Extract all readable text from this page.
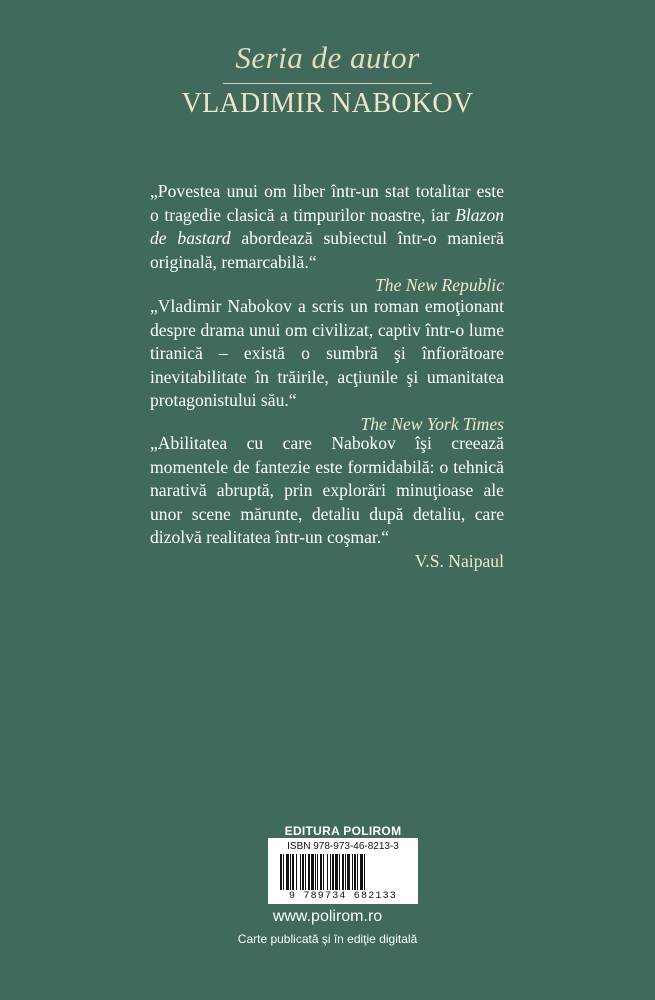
Seria de autor
VLADIMIR NABOKOV
„Povestea unui om liber într-un stat totalitar este o tragedie clasică a timpurilor noastre, iar Blazon de bastard abordează subiectul într-o manieră originală, remarcabilă.“
The New Republic
„Vladimir Nabokov a scris un roman emoţionant despre drama unui om civilizat, captiv într-o lume tiranică – există o sumbră şi înfiorătoare inevitabilitate în trăirile, acţiunile şi umanitatea protagonistului său.“
The New York Times
„Abilitatea cu care Nabokov îşi creează momentele de fantezie este formidabilă: o tehnică narativă abruptă, prin explorări minuţioase ale unor scene mărunte, detaliu după detaliu, care dizolvă realitatea într-un coşmar.“
V.S. Naipaul
EDITURA POLIROM
ISBN 978-973-46-8213-3
9 789734 682133
www.polirom.ro
Carte publicată şi în ediţie digitală
